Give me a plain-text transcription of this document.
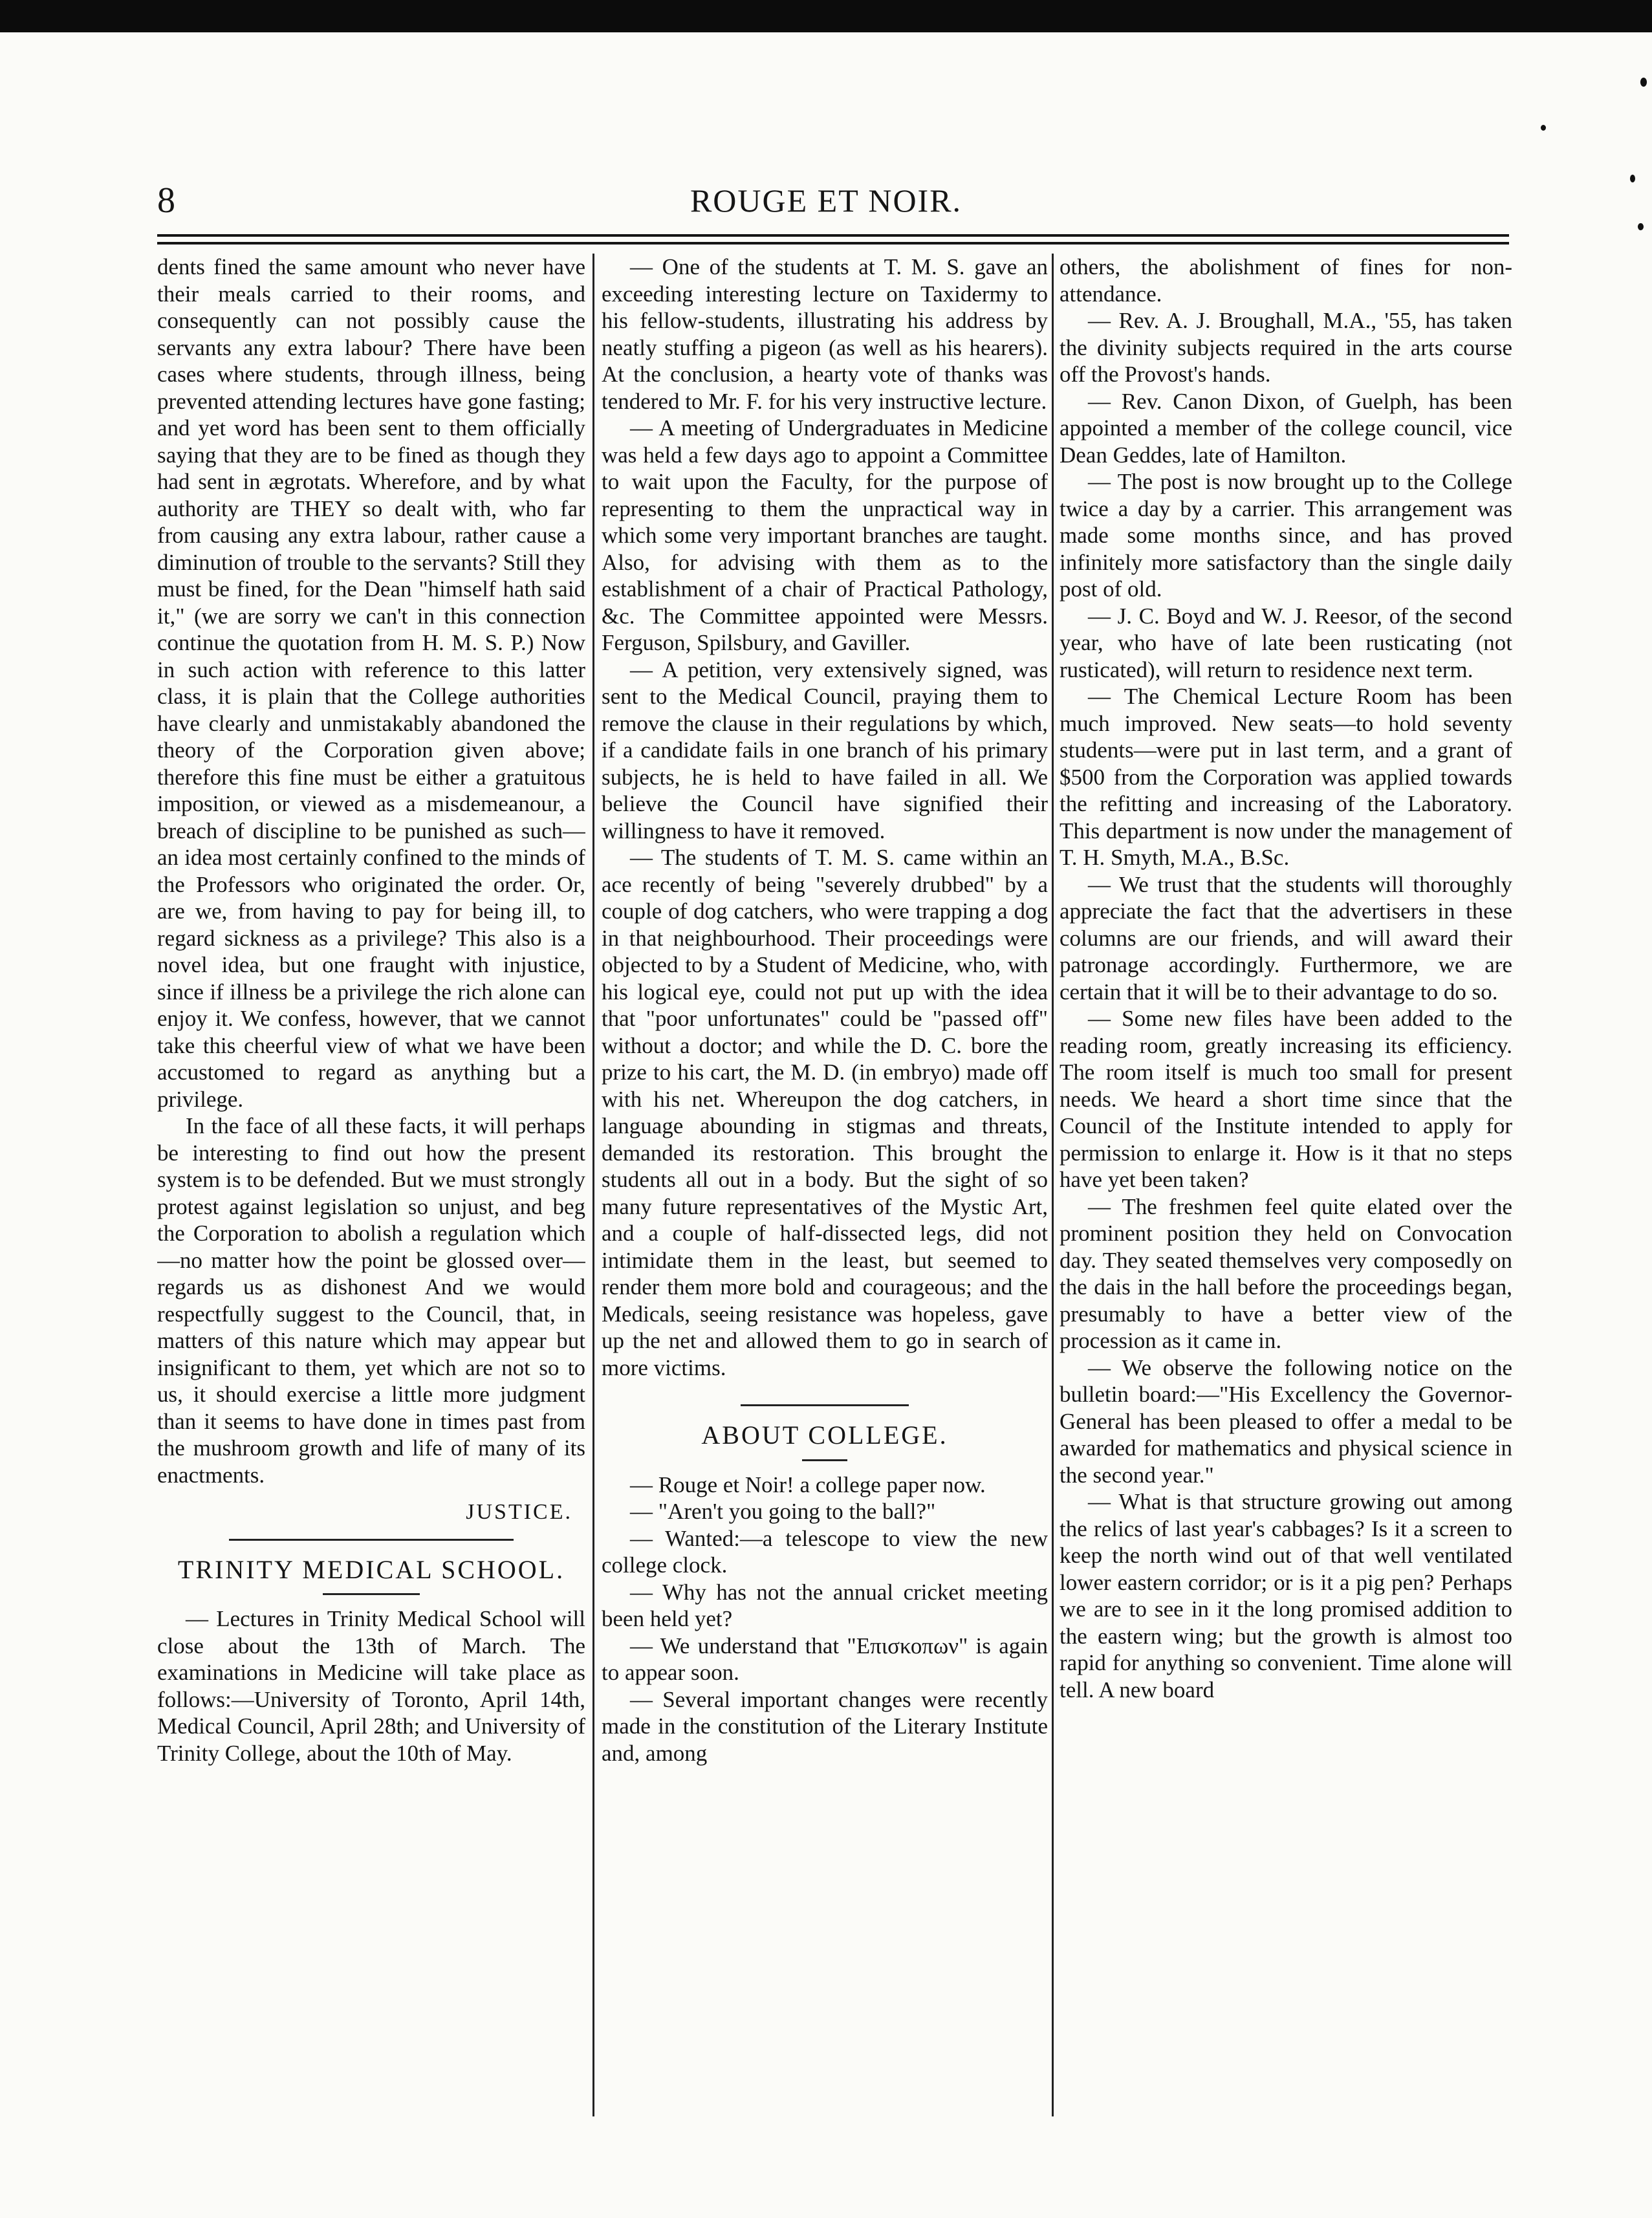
8	ROUGE ET NOIR.

dents fined the same amount who never have their meals carried to their rooms, and consequently can not possibly cause the servants any extra labour? There have been cases where students, through illness, being prevented attending lectures have gone fasting; and yet word has been sent to them officially saying that they are to be fined as though they had sent in ægrotats. Wherefore, and by what authority are THEY so dealt with, who far from causing any extra labour, rather cause a diminution of trouble to the servants? Still they must be fined, for the Dean "himself hath said it," (we are sorry we can't in this connection continue the quotation from H. M. S. P.) Now in such action with reference to this latter class, it is plain that the College authorities have clearly and unmistakably abandoned the theory of the Corporation given above; therefore this fine must be either a gratuitous imposition, or viewed as a misdemeanour, a breach of discipline to be punished as such—an idea most certainly confined to the minds of the Professors who originated the order. Or, are we, from having to pay for being ill, to regard sickness as a privilege? This also is a novel idea, but one fraught with injustice, since if illness be a privilege the rich alone can enjoy it. We confess, however, that we cannot take this cheerful view of what we have been accustomed to regard as anything but a privilege.

In the face of all these facts, it will perhaps be interesting to find out how the present system is to be defended. But we must strongly protest against legislation so unjust, and beg the Corporation to abolish a regulation which—no matter how the point be glossed over—regards us as dishonest And we would respectfully suggest to the Council, that, in matters of this nature which may appear but insignificant to them, yet which are not so to us, it should exercise a little more judgment than it seems to have done in times past from the mushroom growth and life of many of its enactments.

JUSTICE.
TRINITY MEDICAL SCHOOL.

— Lectures in Trinity Medical School will close about the 13th of March. The examinations in Medicine will take place as follows:—University of Toronto, April 14th, Medical Council, April 28th; and University of Trinity College, about the 10th of May.

— One of the students at T. M. S. gave an exceeding interesting lecture on Taxidermy to his fellow-students, illustrating his address by neatly stuffing a pigeon (as well as his hearers). At the conclusion, a hearty vote of thanks was tendered to Mr. F. for his very instructive lecture.

— A meeting of Undergraduates in Medicine was held a few days ago to appoint a Committee to wait upon the Faculty, for the purpose of representing to them the unpractical way in which some very important branches are taught. Also, for advising with them as to the establishment of a chair of Practical Pathology, &c. The Committee appointed were Messrs. Ferguson, Spilsbury, and Gaviller.

— A petition, very extensively signed, was sent to the Medical Council, praying them to remove the clause in their regulations by which, if a candidate fails in one branch of his primary subjects, he is held to have failed in all. We believe the Council have signified their willingness to have it removed.

— The students of T. M. S. came within an ace recently of being "severely drubbed" by a couple of dog catchers, who were trapping a dog in that neighbourhood. Their proceedings were objected to by a Student of Medicine, who, with his logical eye, could not put up with the idea that "poor unfortunates" could be "passed off" without a doctor; and while the D. C. bore the prize to his cart, the M. D. (in embryo) made off with his net. Whereupon the dog catchers, in language abounding in stigmas and threats, demanded its restoration. This brought the students all out in a body. But the sight of so many future representatives of the Mystic Art, and a couple of half-dissected legs, did not intimidate them in the least, but seemed to render them more bold and courageous; and the Medicals, seeing resistance was hopeless, gave up the net and allowed them to go in search of more victims.

ABOUT COLLEGE.

— Rouge et Noir! a college paper now.

— "Aren't you going to the ball?"

— Wanted:—a telescope to view the new college clock.

— Why has not the annual cricket meeting been held yet?

— We understand that "Επισκοπων" is again to appear soon.

— Several important changes were recently made in the constitution of the Literary Institute and, among

others, the abolishment of fines for non-attendance.

— Rev. A. J. Broughall, M.A., '55, has taken the divinity subjects required in the arts course off the Provost's hands.

— Rev. Canon Dixon, of Guelph, has been appointed a member of the college council, vice Dean Geddes, late of Hamilton.

— The post is now brought up to the College twice a day by a carrier. This arrangement was made some months since, and has proved infinitely more satisfactory than the single daily post of old.

— J. C. Boyd and W. J. Reesor, of the second year, who have of late been rusticating (not rusticated), will return to residence next term.

— The Chemical Lecture Room has been much improved. New seats—to hold seventy students—were put in last term, and a grant of $500 from the Corporation was applied towards the refitting and increasing of the Laboratory. This department is now under the management of T. H. Smyth, M.A., B.Sc.

— We trust that the students will thoroughly appreciate the fact that the advertisers in these columns are our friends, and will award their patronage accordingly. Furthermore, we are certain that it will be to their advantage to do so.

— Some new files have been added to the reading room, greatly increasing its efficiency. The room itself is much too small for present needs. We heard a short time since that the Council of the Institute intended to apply for permission to enlarge it. How is it that no steps have yet been taken?

— The freshmen feel quite elated over the prominent position they held on Convocation day. They seated themselves very composedly on the dais in the hall before the proceedings began, presumably to have a better view of the procession as it came in.

— We observe the following notice on the bulletin board:—"His Excellency the Governor-General has been pleased to offer a medal to be awarded for mathematics and physical science in the second year."

— What is that structure growing out among the relics of last year's cabbages? Is it a screen to keep the north wind out of that well ventilated lower eastern corridor; or is it a pig pen? Perhaps we are to see in it the long promised addition to the eastern wing; but the growth is almost too rapid for anything so convenient. Time alone will tell. A new board
